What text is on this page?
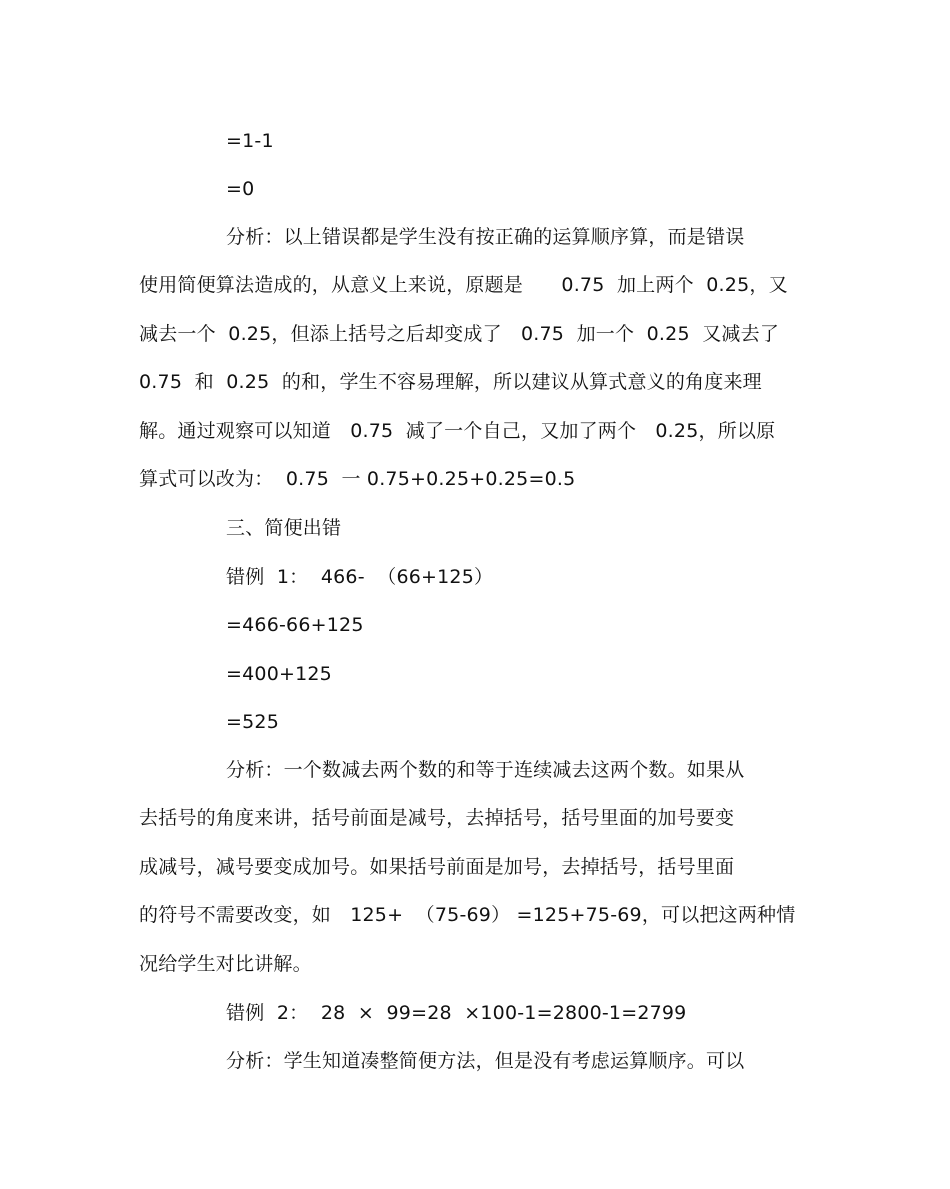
=1-1
=0
分析：以上错误都是学生没有按正确的运算顺序算，而是错误
使用简便算法造成的，从意义上来说，原题是　　0.75  加上两个  0.25，又
减去一个  0.25，但添上括号之后却变成了　0.75  加一个  0.25  又减去了
0.75  和  0.25  的和，学生不容易理解，所以建议从算式意义的角度来理
解。通过观察可以知道　0.75  减了一个自己，又加了两个　0.25，所以原
算式可以改为：  0.75  一 0.75+0.25+0.25=0.5
三、简便出错
错例  1：  466-  （66+125）
=466-66+125
=400+125
=525
分析：一个数减去两个数的和等于连续减去这两个数。如果从
去括号的角度来讲，括号前面是减号，去掉括号，括号里面的加号要变
成减号，减号要变成加号。如果括号前面是加号，去掉括号，括号里面
的符号不需要改变，如　125+  （75-69） =125+75-69，可以把这两种情
况给学生对比讲解。
错例  2：  28  ×  99=28  ×100-1=2800-1=2799
分析：学生知道凑整简便方法，但是没有考虑运算顺序。可以
